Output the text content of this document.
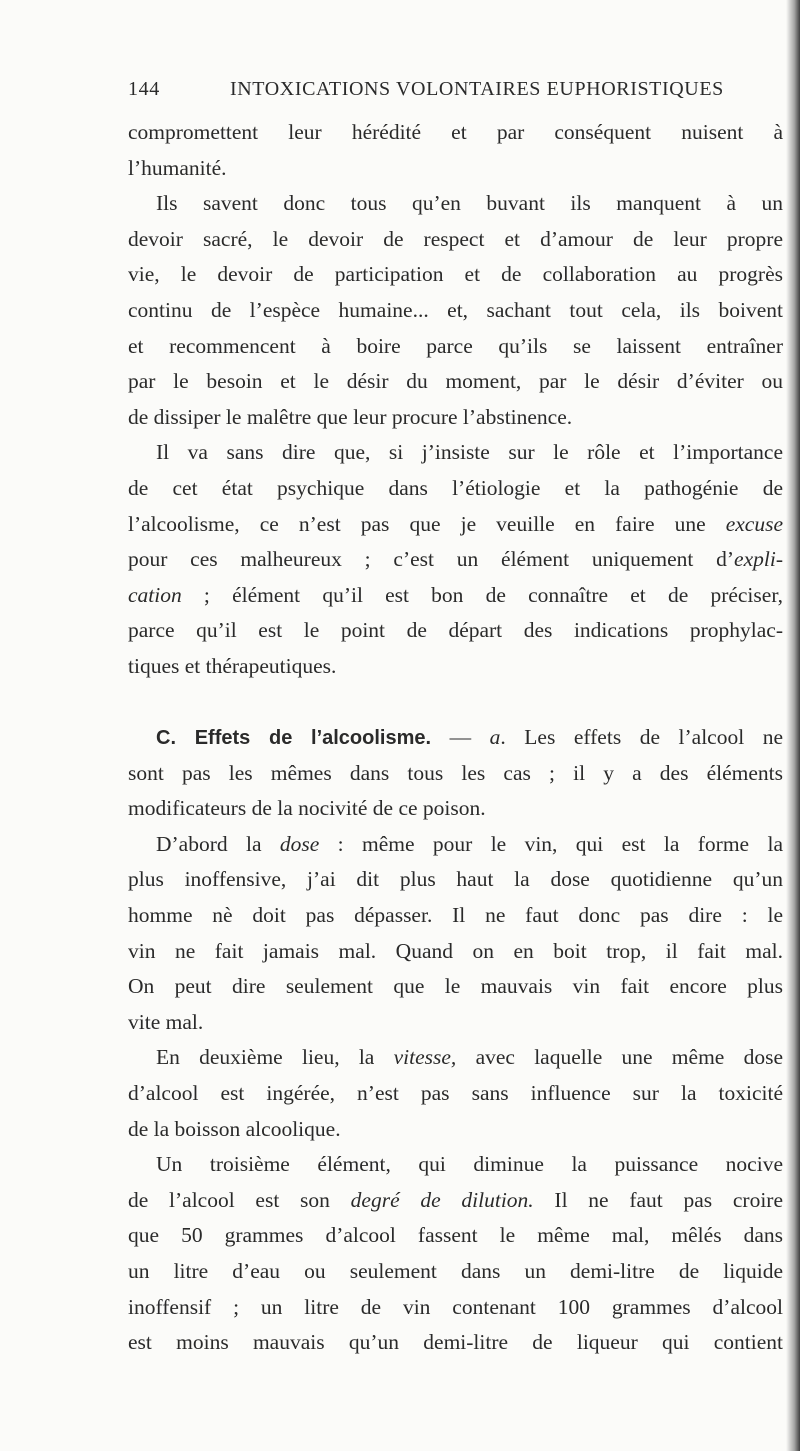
144	INTOXICATIONS VOLONTAIRES EUPHORISTIQUES
compromettent leur hérédité et par conséquent nuisent à
l’humanité.
Ils savent donc tous qu’en buvant ils manquent à un
devoir sacré, le devoir de respect et d’amour de leur propre
vie, le devoir de participation et de collaboration au progrès
continu de l’espèce humaine... et, sachant tout cela, ils boivent
et recommencent à boire parce qu’ils se laissent entraîner
par le besoin et le désir du moment, par le désir d’éviter ou
de dissiper le malêtre que leur procure l’abstinence.
Il va sans dire que, si j’insiste sur le rôle et l’importance
de cet état psychique dans l’étiologie et la pathogénie de
l’alcoolisme, ce n’est pas que je veuille en faire une excuse
pour ces malheureux ; c’est un élément uniquement d’expli-
cation ; élément qu’il est bon de connaître et de préciser,
parce qu’il est le point de départ des indications prophylac-
tiques et thérapeutiques.
C. Effets de l’alcoolisme. — a. Les effets de l’alcool ne
sont pas les mêmes dans tous les cas ; il y a des éléments
modificateurs de la nocivité de ce poison.
D’abord la dose : même pour le vin, qui est la forme la
plus inoffensive, j’ai dit plus haut la dose quotidienne qu’un
homme nè doit pas dépasser. Il ne faut donc pas dire : le
vin ne fait jamais mal. Quand on en boit trop, il fait mal.
On peut dire seulement que le mauvais vin fait encore plus
vite mal.
En deuxième lieu, la vitesse, avec laquelle une même dose
d’alcool est ingérée, n’est pas sans influence sur la toxicité
de la boisson alcoolique.
Un troisième élément, qui diminue la puissance nocive
de l’alcool est son degré de dilution. Il ne faut pas croire
que 50 grammes d’alcool fassent le même mal, mêlés dans
un litre d’eau ou seulement dans un demi-litre de liquide
inoffensif ; un litre de vin contenant 100 grammes d’alcool
est moins mauvais qu’un demi-litre de liqueur qui contient
